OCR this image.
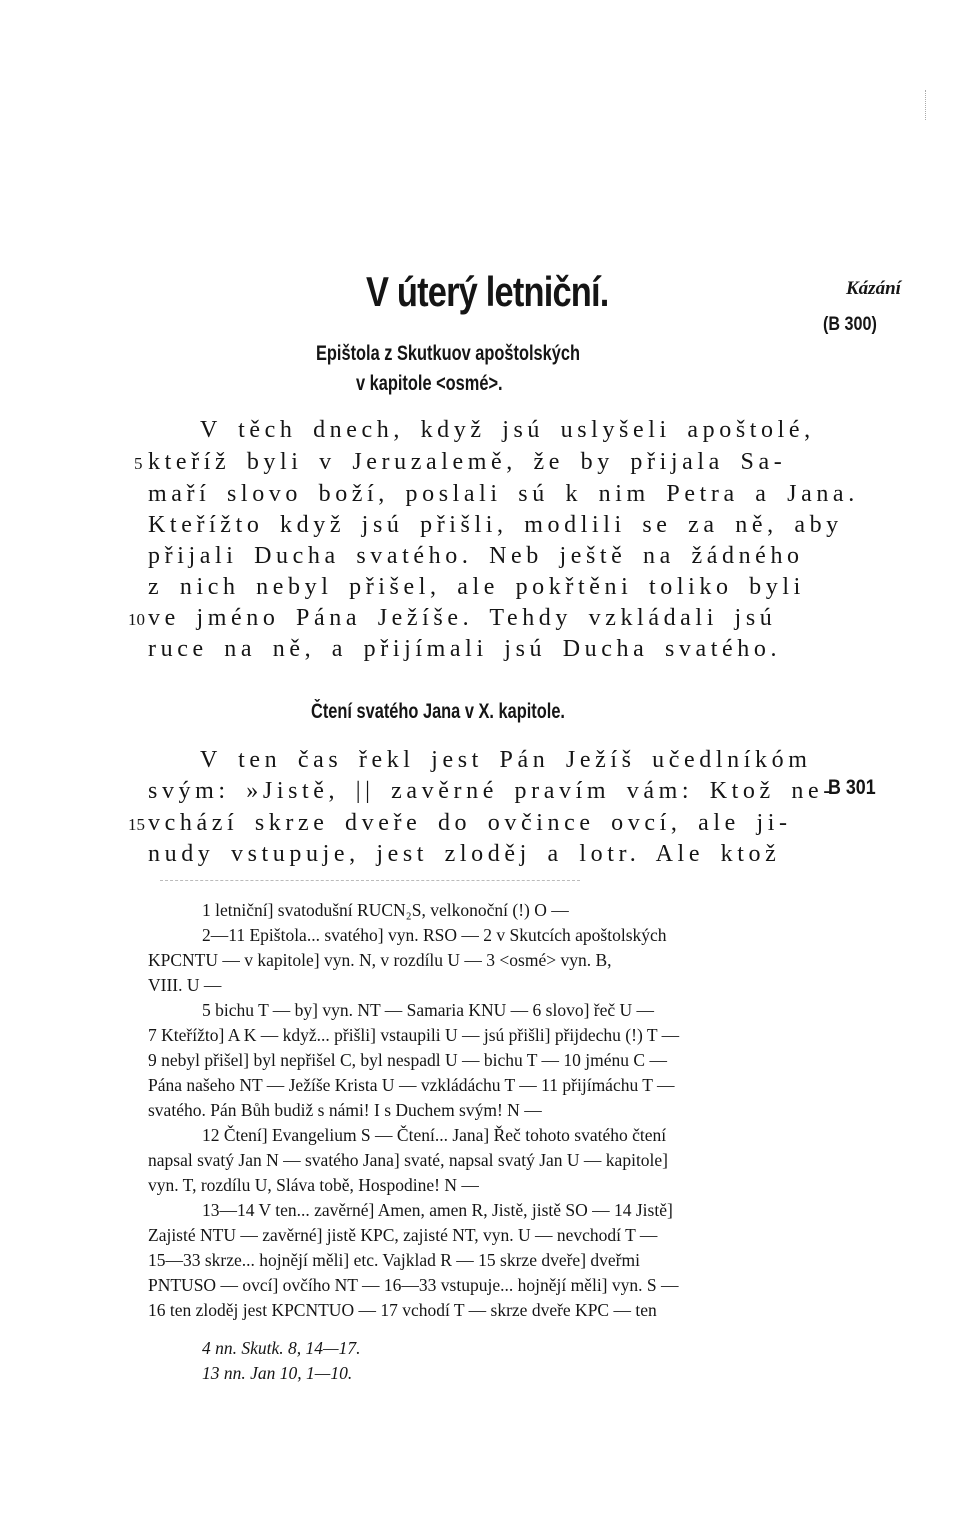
V úterý letniční.	Kázání
(B 300)
Epištola z Skutkuov apoštolských
v kapitole <osmé>.
V těch dnech, když jsú uslyšeli apoštolé,
5 kteříž byli v Jeruzalemě, že by přijala Sa-
maří slovo boží, poslali sú k nim Petra a Jana.
Kteřížto když jsú přišli, modlili se za ně, aby
přijali Ducha svatého. Neb ještě na žádného
z nich nebyl přišel, ale pokřtěni toliko byli
10 ve jméno Pána Ježíše. Tehdy vzkládali jsú
ruce na ně, a přijímali jsú Ducha svatého.
Čtení svatého Jana v X. kapitole.
V ten čas řekl jest Pán Ježíš učedlníkóm
svým: »Jistě, || zavěrné pravím vám: Ktož ne-
B 301
15 vchází skrze dveře do ovčince ovcí, ale ji-
nudy vstupuje, jest zloděj a lotr. Ale ktož
1 letniční] svatodušní RUCN₂S, velkonoční (!) O —
2—11 Epištola... svatého] vyn. RSO — 2 v Skutcích apoštolských
KPCNTU — v kapitole] vyn. N, v rozdílu U — 3 <osmé> vyn. B,
VIII. U —
5 bichu T — by] vyn. NT — Samaria KNU — 6 slovo] řeč U —
7 Kteřížto] A K — když... přišli] vstaupili U — jsú přišli] přijdechu (!) T —
9 nebyl přišel] byl nepřišel C, byl nespadl U — bichu T — 10 jménu C —
Pána našeho NT — Ježíše Krista U — vzkládáchu T — 11 přijímáchu T —
svatého. Pán Bůh budiž s námi! I s Duchem svým! N —
12 Čtení] Evangelium S — Čtení... Jana] Řeč tohoto svatého čtení
napsal svatý Jan N — svatého Jana] svaté, napsal svatý Jan U — kapitole]
vyn. T, rozdílu U, Sláva tobě, Hospodine! N —
13—14 V ten... zavěrné] Amen, amen R, Jistě, jistě SO — 14 Jistě]
Zajisté NTU — zavěrné] jistě KPC, zajisté NT, vyn. U — nevchodí T —
15—33 skrze... hojnějí měli] etc. Vajklad R — 15 skrze dveře] dveřmi
PNTUSO — ovcí] ovčího NT — 16—33 vstupuje... hojnějí měli] vyn. S —
16 ten zloděj jest KPCNTUO — 17 vchodí T — skrze dveře KPC — ten
4 nn. Skutk. 8, 14—17.
13 nn. Jan 10, 1—10.
